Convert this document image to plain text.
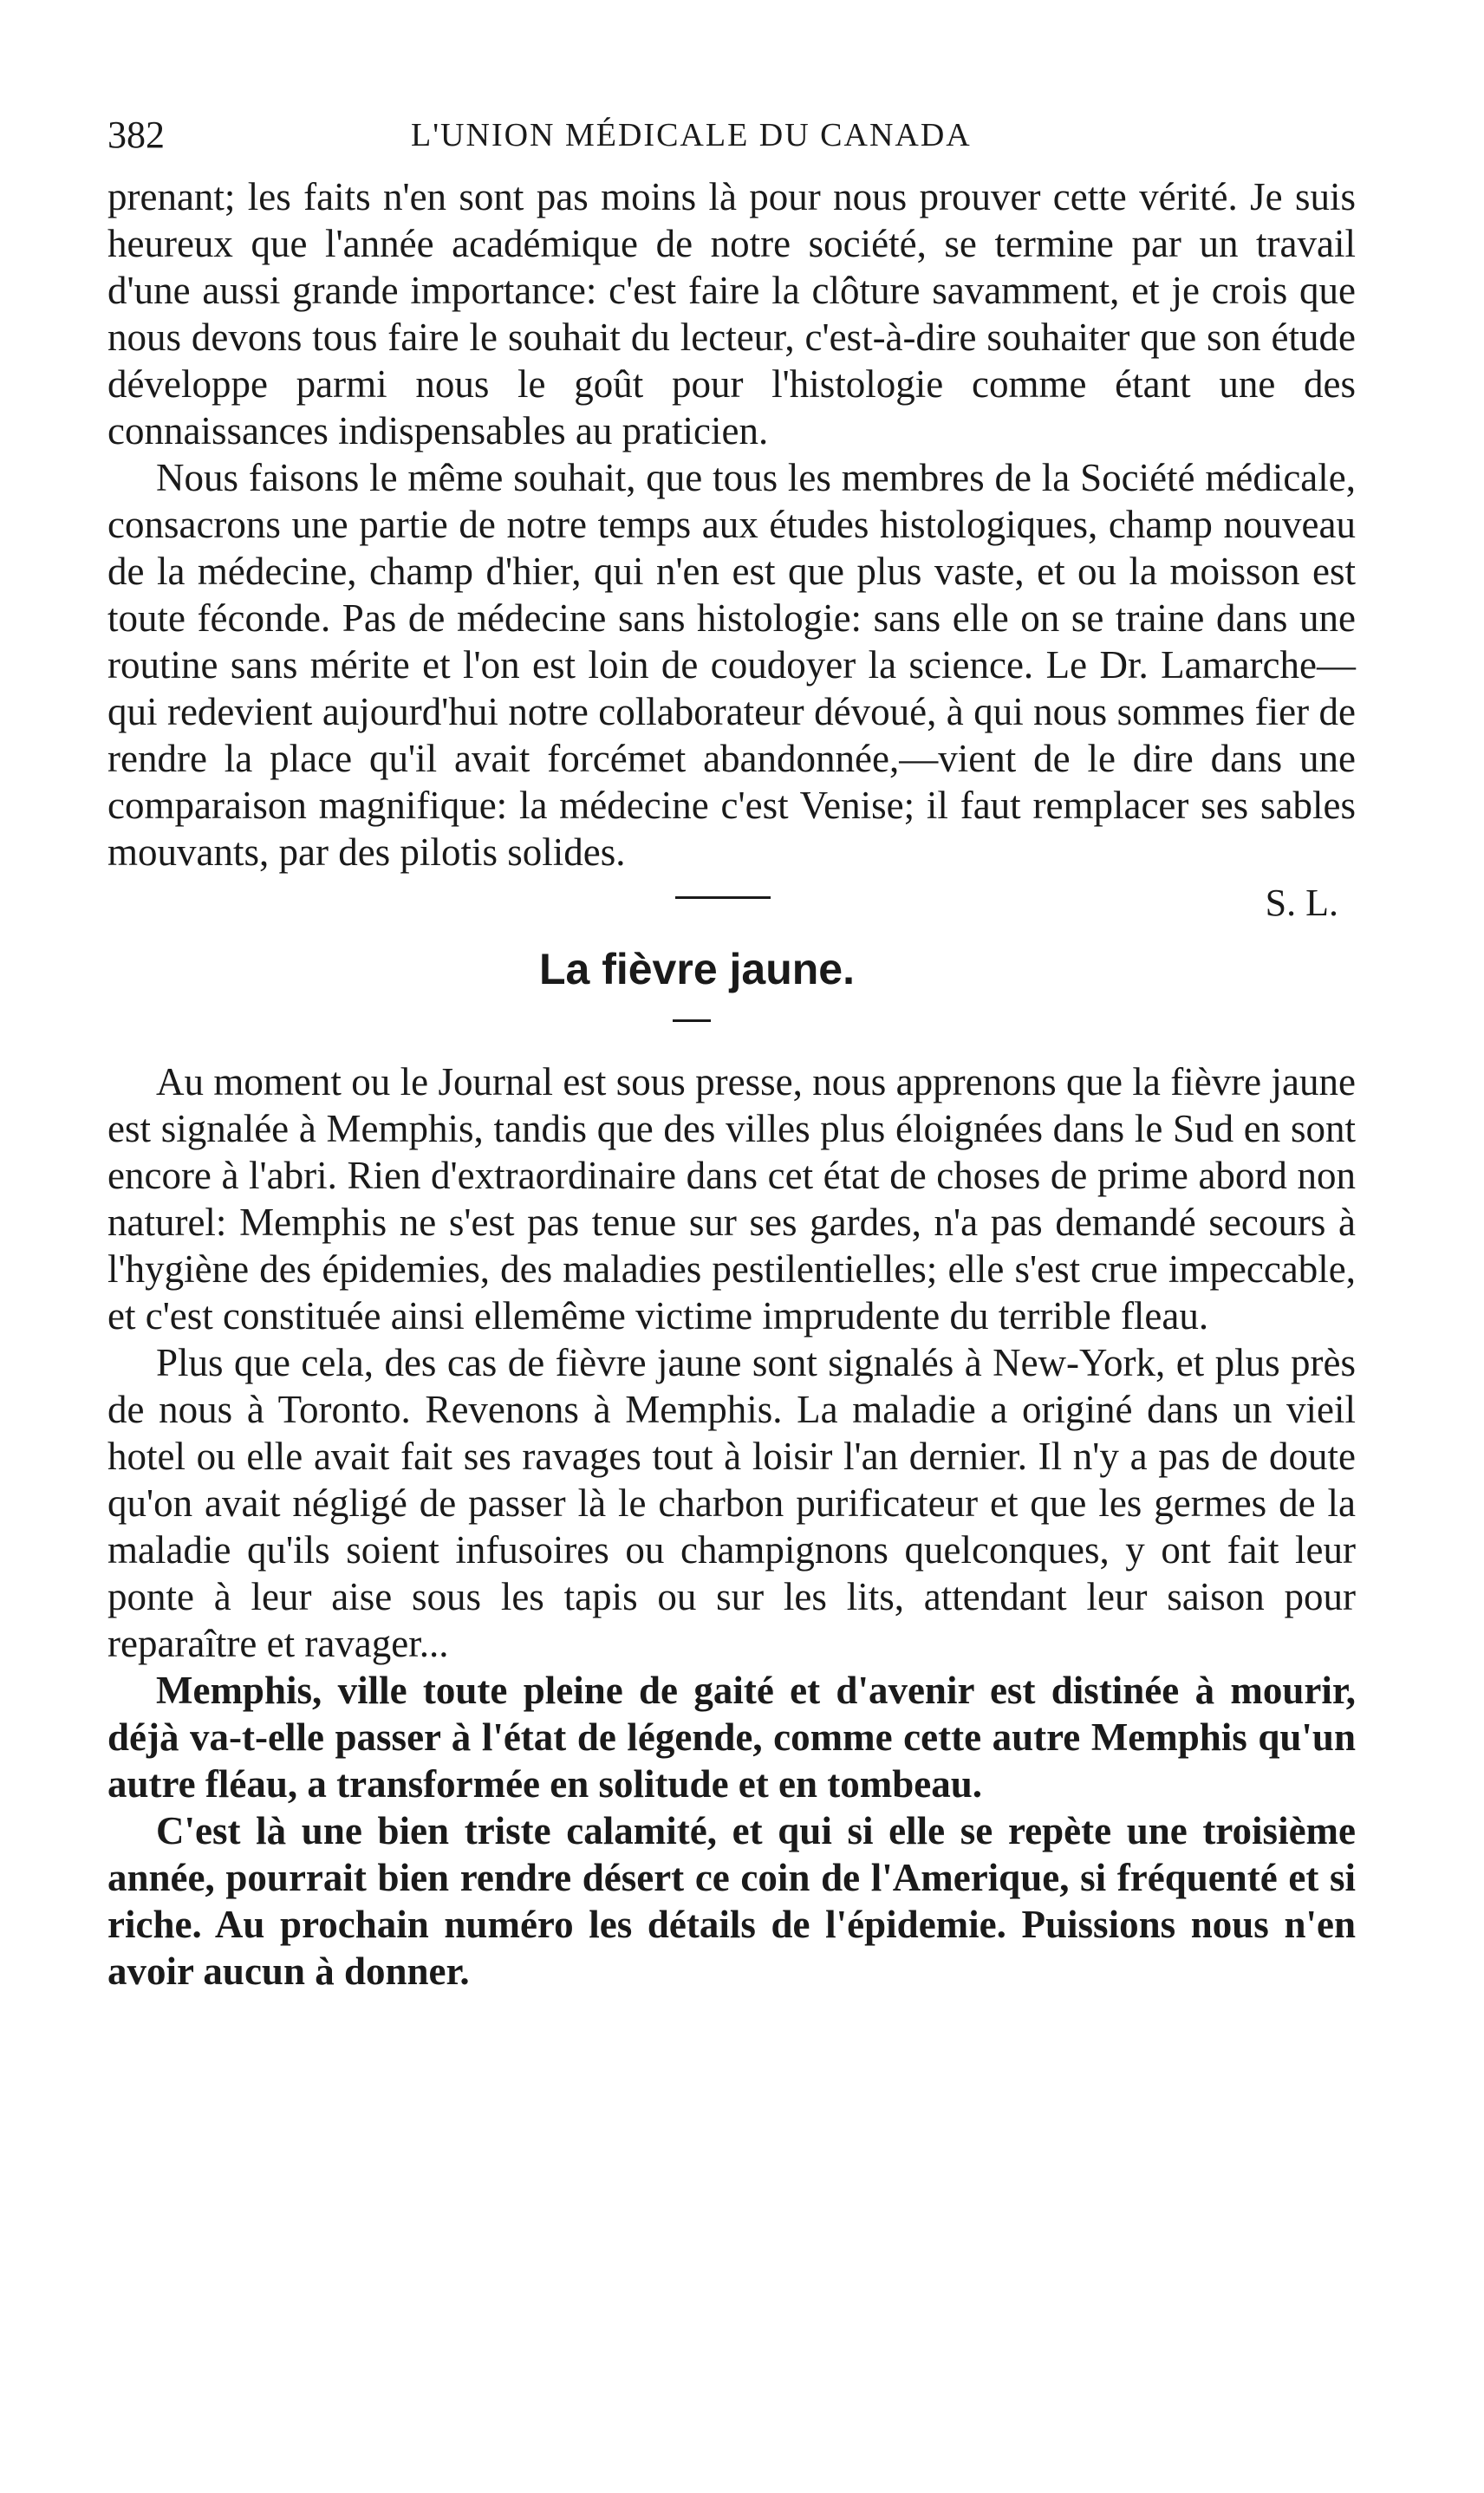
382	L'UNION MÉDICALE DU CANADA

prenant; les faits n'en sont pas moins là pour nous prouver cette vérité. Je suis heureux que l'année académique de notre société, se termine par un travail d'une aussi grande importance: c'est faire la clôture savamment, et je crois que nous devons tous faire le souhait du lecteur, c'est-à-dire souhaiter que son étude développe parmi nous le goût pour l'histologie comme étant une des connaissances indispensables au praticien.

Nous faisons le même souhait, que tous les membres de la Société médicale, consacrons une partie de notre temps aux études histologiques, champ nouveau de la médecine, champ d'hier, qui n'en est que plus vaste, et ou la moisson est toute féconde. Pas de médecine sans histologie: sans elle on se traine dans une routine sans mérite et l'on est loin de coudoyer la science. Le Dr. Lamarche—qui redevient aujourd'hui notre collaborateur dévoué, à qui nous sommes fier de rendre la place qu'il avait forcémet abandonnée,—vient de le dire dans une comparaison magnifique: la médecine c'est Venise; il faut remplacer ses sables mouvants, par des pilotis solides.

S. L.
La fièvre jaune.

Au moment ou le Journal est sous presse, nous apprenons que la fièvre jaune est signalée à Memphis, tandis que des villes plus éloignées dans le Sud en sont encore à l'abri. Rien d'extraordinaire dans cet état de choses de prime abord non naturel: Memphis ne s'est pas tenue sur ses gardes, n'a pas demandé secours à l'hygiène des épidemies, des maladies pestilentielles; elle s'est crue impeccable, et c'est constituée ainsi ellemême victime imprudente du terrible fleau.

Plus que cela, des cas de fièvre jaune sont signalés à New-York, et plus près de nous à Toronto. Revenons à Memphis. La maladie a originé dans un vieil hotel ou elle avait fait ses ravages tout à loisir l'an dernier. Il n'y a pas de doute qu'on avait négligé de passer là le charbon purificateur et que les germes de la maladie qu'ils soient infusoires ou champignons quelconques, y ont fait leur ponte à leur aise sous les tapis ou sur les lits, attendant leur saison pour reparaître et ravager...

Memphis, ville toute pleine de gaité et d'avenir est distinée à mourir, déjà va-t-elle passer à l'état de légende, comme cette autre Memphis qu'un autre fléau, a transformée en solitude et en tombeau.

C'est là une bien triste calamité, et qui si elle se repète une troisième année, pourrait bien rendre désert ce coin de l'Amerique, si fréquenté et si riche. Au prochain numéro les détails de l'épidemie. Puissions nous n'en avoir aucun à donner.
